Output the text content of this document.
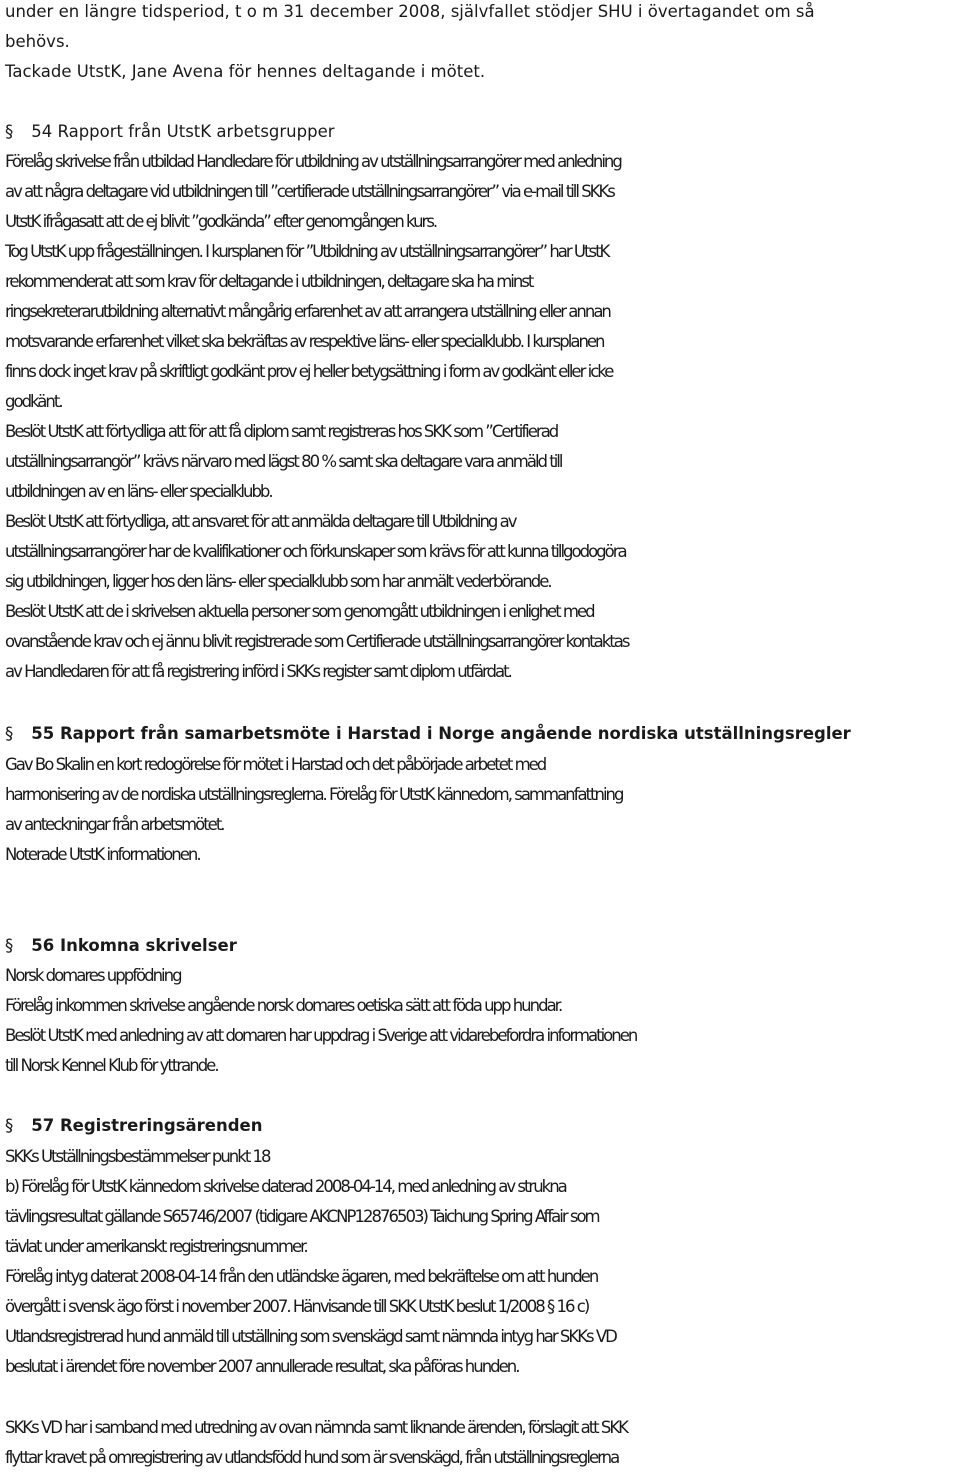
under en längre tidsperiod, t o m 31 december 2008, självfallet stödjer SHU i övertagandet om så
behövs.
Tackade UtstK, Jane Avena för hennes deltagande i mötet.
§ 54 Rapport från UtstK arbetsgrupper
Förelåg skrivelse från utbildad Handledare för utbildning av utställningsarrangörer med anledning
av att några deltagare vid utbildningen till ”certifierade utställningsarrangörer” via e-mail till SKKs
UtstK ifrågasatt att de ej blivit ”godkända” efter genomgången kurs.
Tog UtstK upp frågeställningen. I kursplanen för ”Utbildning av utställningsarrangörer” har UtstK
rekommenderat att som krav för deltagande i utbildningen, deltagare ska ha minst
ringsekreterarutbildning alternativt mångårig erfarenhet av att arrangera utställning eller annan
motsvarande erfarenhet vilket ska bekräftas av respektive läns- eller specialklubb. I kursplanen
finns dock inget krav på skriftligt godkänt prov ej heller betygsättning i form av godkänt eller icke
godkänt.
Beslöt UtstK att förtydliga att för att få diplom samt registreras hos SKK som ”Certifierad
utställningsarrangör” krävs närvaro med lägst 80 % samt ska deltagare vara anmäld till
utbildningen av en läns- eller specialklubb.
Beslöt UtstK att förtydliga, att ansvaret för att anmälda deltagare till Utbildning av
utställningsarrangörer har de kvalifikationer och förkunskaper som krävs för att kunna tillgodogöra
sig utbildningen, ligger hos den läns- eller specialklubb som har anmält vederbörande.
Beslöt UtstK att de i skrivelsen aktuella personer som genomgått utbildningen i enlighet med
ovanstående krav och ej ännu blivit registrerade som Certifierade utställningsarrangörer kontaktas
av Handledaren för att få registrering införd i SKKs register samt diplom utfärdat.
§ 55 Rapport från samarbetsmöte i Harstad i Norge angående nordiska utställningsregler
Gav Bo Skalin en kort redogörelse för mötet i Harstad och det påbörjade arbetet med
harmonisering av de nordiska utställningsreglerna. Förelåg för UtstK kännedom, sammanfattning
av anteckningar från arbetsmötet.
Noterade UtstK informationen.
§ 56 Inkomna skrivelser
Norsk domares uppfödning
Förelåg inkommen skrivelse angående norsk domares oetiska sätt att föda upp hundar.
Beslöt UtstK med anledning av att domaren har uppdrag i Sverige att vidarebefordra informationen
till Norsk Kennel Klub för yttrande.
§ 57 Registreringsärenden
SKKs Utställningsbestämmelser punkt 18
b) Förelåg för UtstK kännedom skrivelse daterad 2008-04-14, med anledning av strukna
tävlingsresultat gällande S65746/2007 (tidigare AKCNP12876503) Taichung Spring Affair som
tävlat under amerikanskt registreringsnummer.
Förelåg intyg daterat 2008-04-14 från den utländske ägaren, med bekräftelse om att hunden
övergått i svensk ägo först i november 2007. Hänvisande till SKK UtstK beslut 1/2008 § 16 c)
Utlandsregistrerad hund anmäld till utställning som svenskägd samt nämnda intyg har SKKs VD
beslutat i ärendet före november 2007 annullerade resultat, ska påföras hunden.
SKKs VD har i samband med utredning av ovan nämnda samt liknande ärenden, förslagit att SKK
flyttar kravet på omregistrering av utlandsfödd hund som är svenskägd, från utställningsreglerna
